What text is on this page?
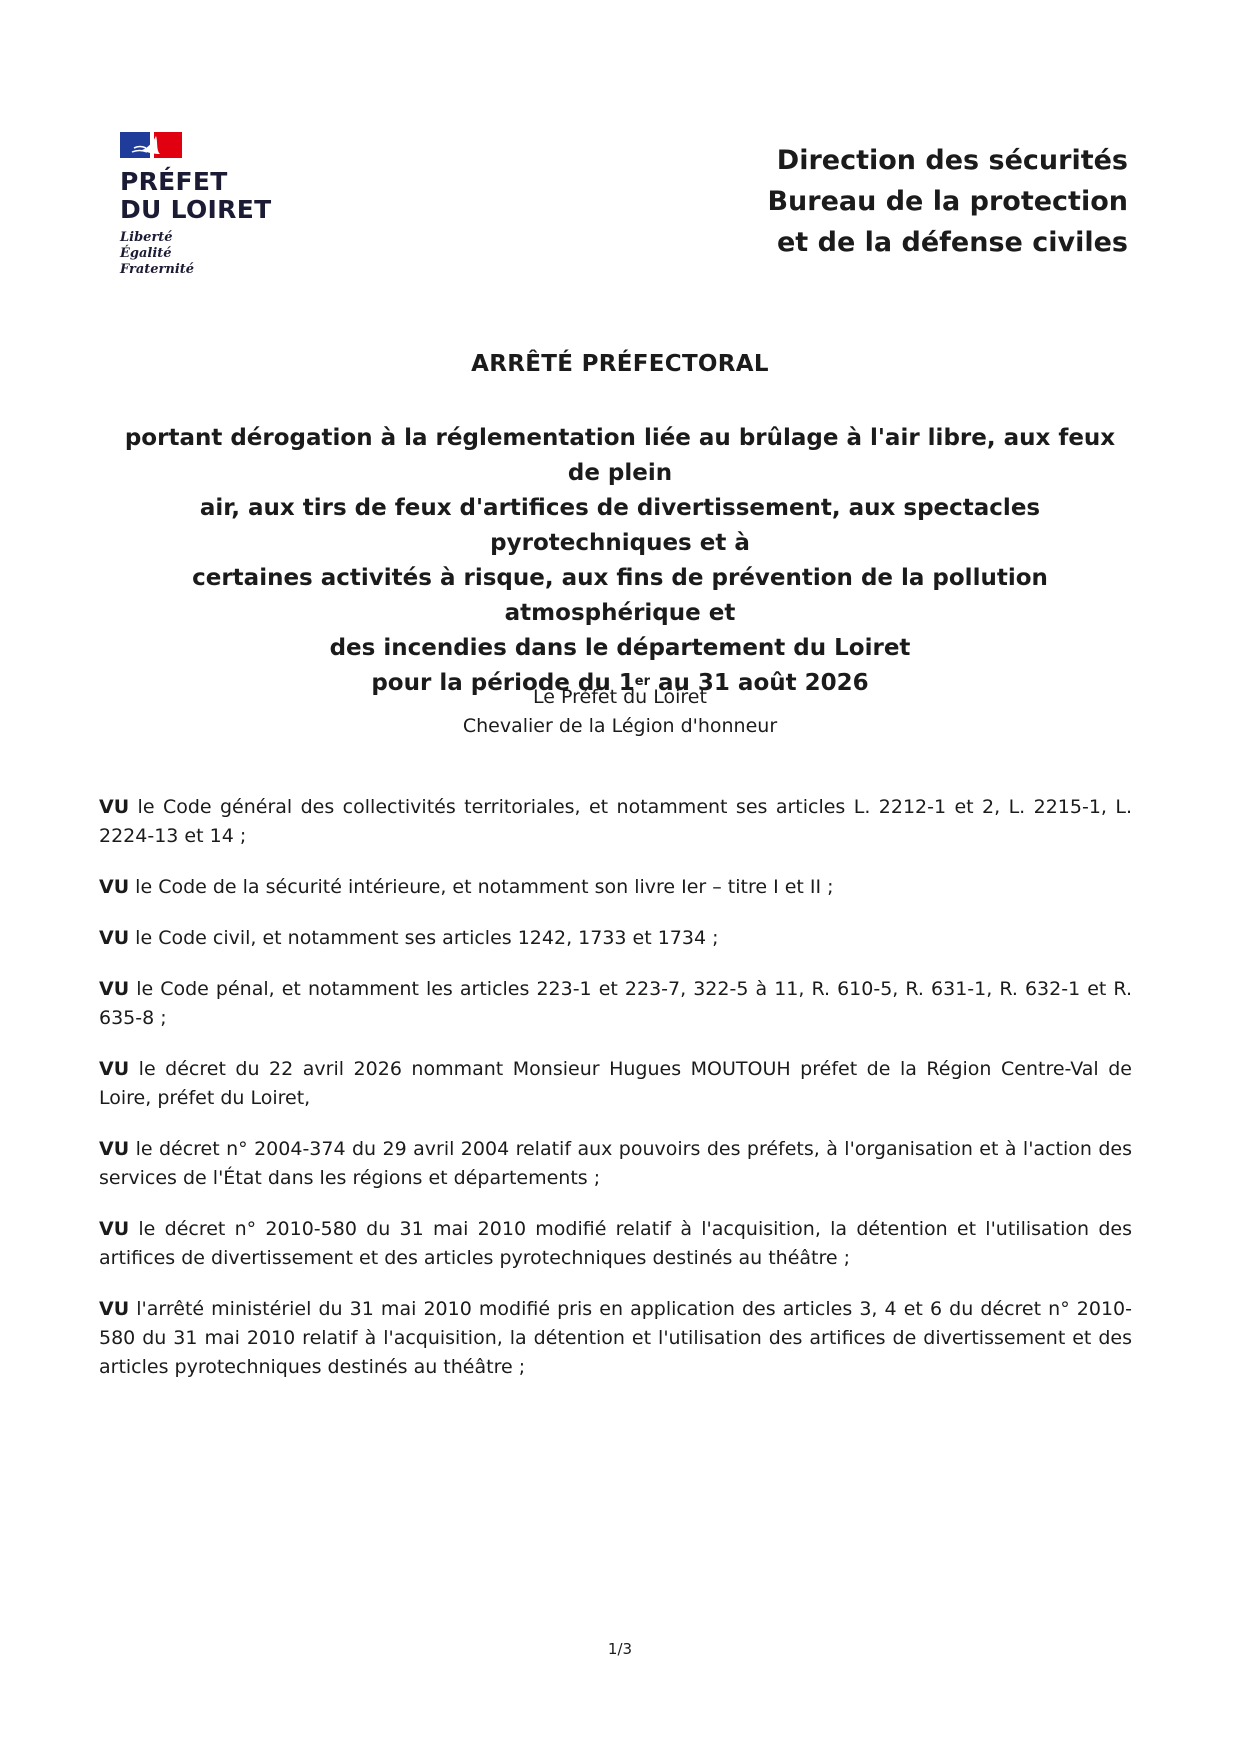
PRÉFET
DU LOIRET
Liberté
Égalité
Fraternité
Direction des sécurités
Bureau de la protection
et de la défense civiles
ARRÊTÉ PRÉFECTORAL
portant dérogation à la réglementation liée au brûlage à l'air libre, aux feux de plein
air, aux tirs de feux d'artifices de divertissement, aux spectacles pyrotechniques et à
certaines activités à risque, aux fins de prévention de la pollution atmosphérique et
des incendies dans le département du Loiret
pour la période du 1er au 31 août 2026
Le Préfet du Loiret
Chevalier de la Légion d'honneur

VU le Code général des collectivités territoriales, et notamment ses articles L. 2212-1 et 2, L. 2215-1, L. 2224-13 et 14 ;

VU le Code de la sécurité intérieure, et notamment son livre Ier – titre I et II ;

VU le Code civil, et notamment ses articles 1242, 1733 et 1734 ;

VU le Code pénal, et notamment les articles 223-1 et 223-7, 322-5 à 11, R. 610-5, R. 631-1, R. 632-1 et R. 635-8 ;

VU le décret du 22 avril 2026 nommant Monsieur Hugues MOUTOUH préfet de la Région Centre-Val de Loire, préfet du Loiret,

VU le décret n° 2004-374 du 29 avril 2004 relatif aux pouvoirs des préfets, à l'organisation et à l'action des services de l'État dans les régions et départements ;

VU le décret n° 2010-580 du 31 mai 2010 modifié relatif à l'acquisition, la détention et l'utilisation des artifices de divertissement et des articles pyrotechniques destinés au théâtre ;

VU l'arrêté ministériel du 31 mai 2010 modifié pris en application des articles 3, 4 et 6 du décret n° 2010-580 du 31 mai 2010 relatif à l'acquisition, la détention et l'utilisation des artifices de divertissement et des articles pyrotechniques destinés au théâtre ;

1/3
